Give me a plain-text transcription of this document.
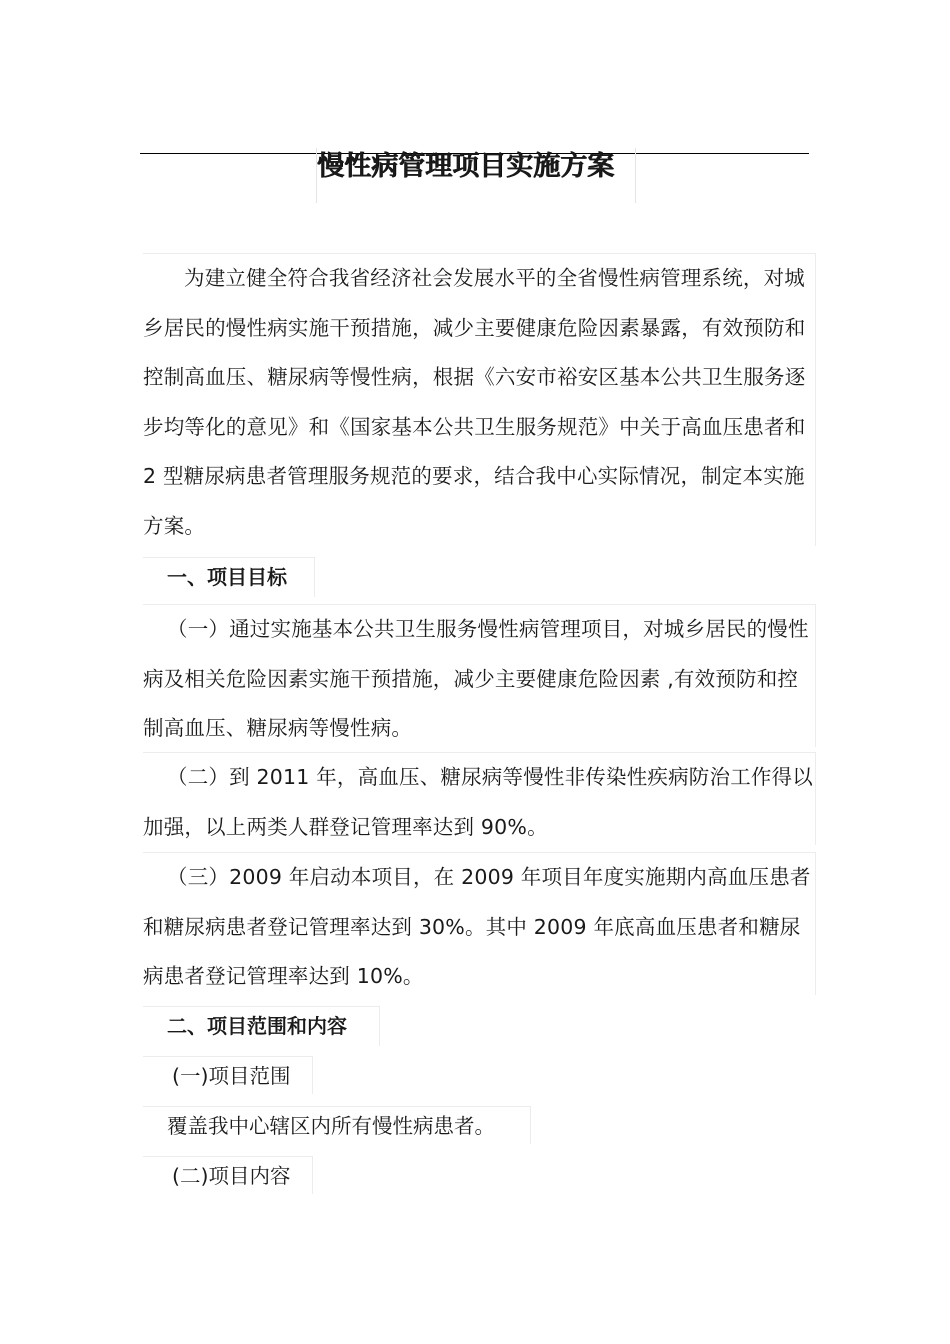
慢性病管理项目实施方案

为建立健全符合我省经济社会发展水平的全省慢性病管理系统，对城乡居民的慢性病实施干预措施，减少主要健康危险因素暴露，有效预防和控制高血压、糖尿病等慢性病，根据《六安市裕安区基本公共卫生服务逐步均等化的意见》和《国家基本公共卫生服务规范》中关于高血压患者和 2 型糖尿病患者管理服务规范的要求，结合我中心实际情况，制定本实施方案。

一、项目目标

（一）通过实施基本公共卫生服务慢性病管理项目，对城乡居民的慢性病及相关危险因素实施干预措施，减少主要健康危险因素 ,有效预防和控制高血压、糖尿病等慢性病。

（二）到 2011 年，高血压、糖尿病等慢性非传染性疾病防治工作得以加强，以上两类人群登记管理率达到 90%。

（三）2009 年启动本项目，在 2009 年项目年度实施期内高血压患者和糖尿病患者登记管理率达到 30%。其中 2009 年底高血压患者和糖尿病患者登记管理率达到 10%。

二、项目范围和内容
(一)项目范围
覆盖我中心辖区内所有慢性病患者。
(二)项目内容
